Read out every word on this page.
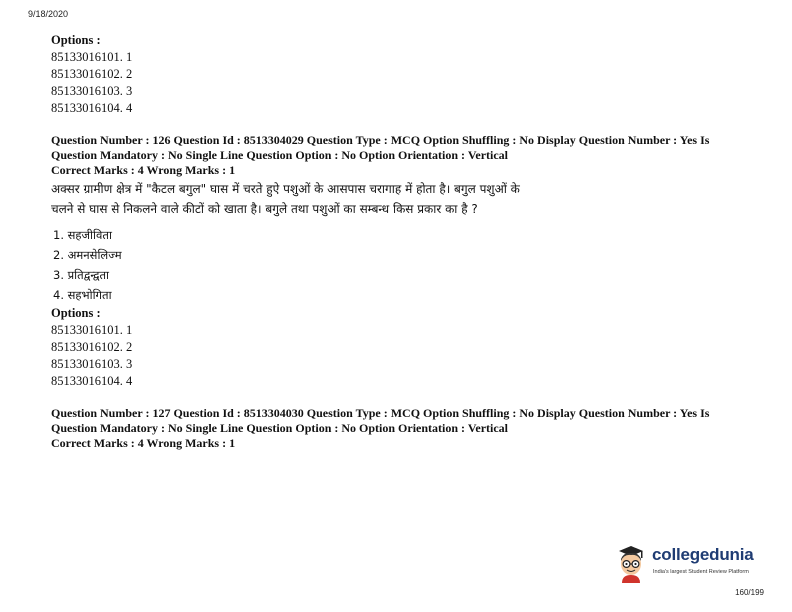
9/18/2020
Options :
85133016101. 1
85133016102. 2
85133016103. 3
85133016104. 4
Question Number : 126 Question Id : 8513304029 Question Type : MCQ Option Shuffling : No Display Question Number : Yes Is
Question Mandatory : No Single Line Question Option : No Option Orientation : Vertical
Correct Marks : 4 Wrong Marks : 1
अक्सर ग्रामीण क्षेत्र में "कैटल बगुल" घास में चरते हुऐ पशुओं के आसपास चरागाह में होता है। बगुल पशुओं के
चलने से घास से निकलने वाले कीटों को खाता है। बगुले तथा पशुओं का सम्बन्ध किस प्रकार का है ?
1. सहजीविता
2. अमनसेलिज्म
3. प्रतिद्वन्द्वता
4. सहभोगिता
Options :
85133016101. 1
85133016102. 2
85133016103. 3
85133016104. 4
Question Number : 127 Question Id : 8513304030 Question Type : MCQ Option Shuffling : No Display Question Number : Yes Is
Question Mandatory : No Single Line Question Option : No Option Orientation : Vertical
Correct Marks : 4 Wrong Marks : 1
collegedunia
India's largest Student Review Platform
160/199
